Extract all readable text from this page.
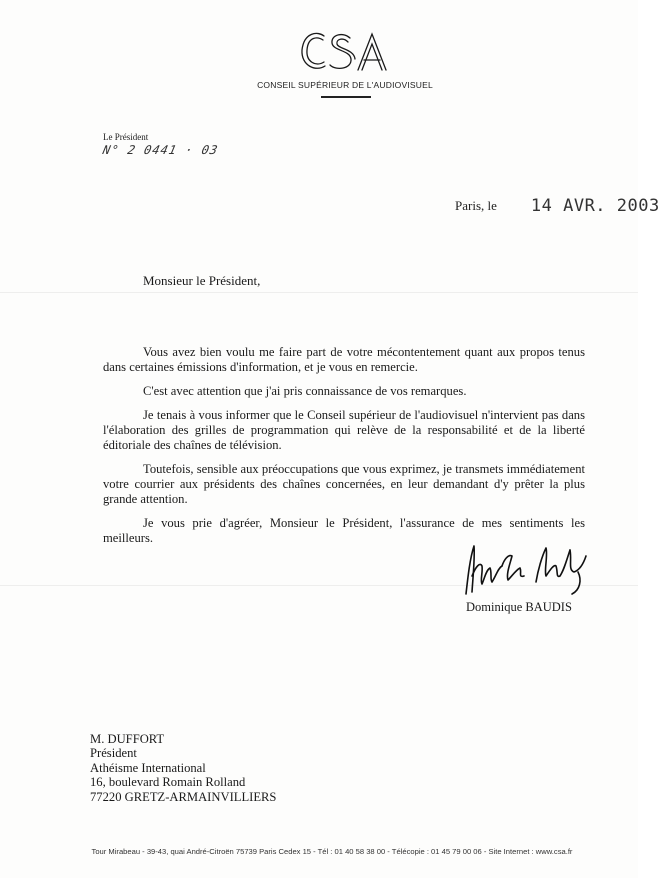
CONSEIL SUPÉRIEUR DE L'AUDIOVISUEL
Le Président
N° 2 0441 · 03
Paris, le 14 AVR. 2003
Monsieur le Président,

Vous avez bien voulu me faire part de votre mécontentement quant aux propos tenus dans certaines émissions d'information, et je vous en remercie.

C'est avec attention que j'ai pris connaissance de vos remarques.

Je tenais à vous informer que le Conseil supérieur de l'audiovisuel n'intervient pas dans l'élaboration des grilles de programmation qui relève de la responsabilité et de la liberté éditoriale des chaînes de télévision.

Toutefois, sensible aux préoccupations que vous exprimez, je transmets immédiatement votre courrier aux présidents des chaînes concernées, en leur demandant d'y prêter la plus grande attention.

Je vous prie d'agréer, Monsieur le Président, l'assurance de mes sentiments les meilleurs.

Dominique BAUDIS
M. DUFFORT
Président
Athéisme International
16, boulevard Romain Rolland
77220 GRETZ-ARMAINVILLIERS
Tour Mirabeau - 39-43, quai André-Citroën 75739 Paris Cedex 15 - Tél : 01 40 58 38 00 - Télécopie : 01 45 79 00 06 - Site Internet : www.csa.fr
